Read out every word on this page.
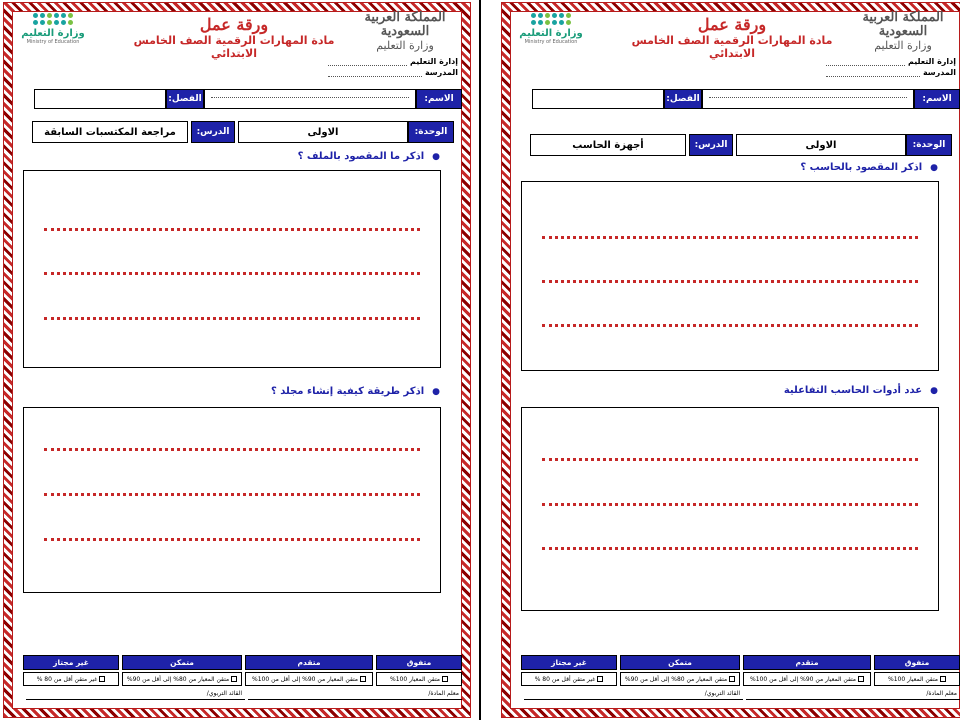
المملكة العربية السعودية
وزارة التعليم
وزارة التعليم
Ministry of Education
ورقة عمل
مادة المهارات الرقمية الصف الخامس
الابتدائي
إدارة التعليم
المدرسة
الاسم:
الفصل:
الوحدة:
الاولى
الدرس:
مراجعة المكتسبات السابقة
●
اذكر ما المقصود بالملف ؟
●
اذكر طريقة كيفية إنشاء مجلد ؟
متفوق
متقدم
متمكن
غير مجتاز
متقن المعيار 100%
متقن المعيار من 90% إلى أقل من 100%
متقن المعيار من 80% إلى أقل من 90%
غير متقن أقل من 80 %
معلم المادة/
القائد التربوي/
المملكة العربية السعودية
وزارة التعليم
وزارة التعليم
Ministry of Education
ورقة عمل
مادة المهارات الرقمية الصف الخامس
الابتدائي
إدارة التعليم
المدرسة
الاسم:
الفصل:
الوحدة:
الاولى
الدرس:
أجهزة الحاسب
●
اذكر المقصود بالحاسب ؟
●
عدد أدوات الحاسب التفاعلية
متفوق
متقدم
متمكن
غير مجتاز
متقن المعيار 100%
متقن المعيار من 90% إلى أقل من 100%
متقن المعيار من 80% إلى أقل من 90%
غير متقن أقل من 80 %
معلم المادة/
القائد التربوي/
